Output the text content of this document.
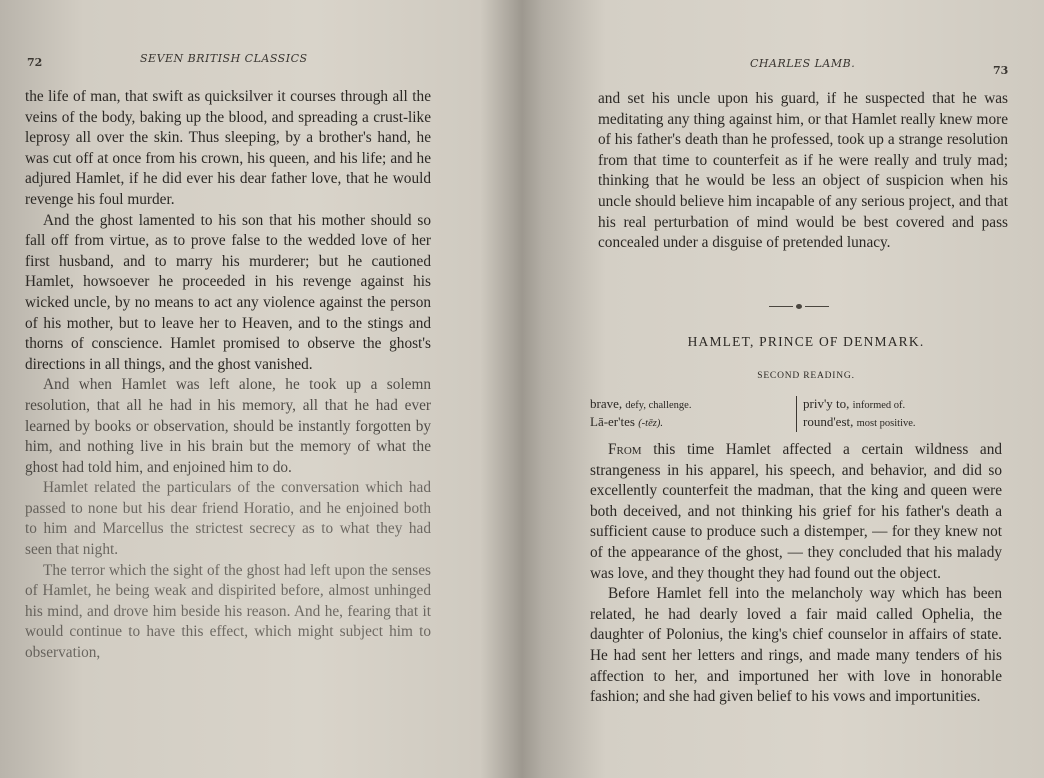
72	SEVEN BRITISH CLASSICS

the life of man, that swift as quicksilver it courses through all the veins of the body, baking up the blood, and spreading a crust-like leprosy all over the skin. Thus sleeping, by a brother's hand, he was cut off at once from his crown, his queen, and his life; and he adjured Hamlet, if he did ever his dear father love, that he would revenge his foul murder.

And the ghost lamented to his son that his mother should so fall off from virtue, as to prove false to the wedded love of her first husband, and to marry his murderer; but he cautioned Hamlet, howsoever he proceeded in his revenge against his wicked uncle, by no means to act any violence against the person of his mother, but to leave her to Heaven, and to the stings and thorns of conscience. Hamlet promised to observe the ghost's directions in all things, and the ghost vanished.

And when Hamlet was left alone, he took up a solemn resolution, that all he had in his memory, all that he had ever learned by books or observation, should be instantly forgotten by him, and nothing live in his brain but the memory of what the ghost had told him, and enjoined him to do.

Hamlet related the particulars of the conversation which had passed to none but his dear friend Horatio, and he enjoined both to him and Marcellus the strictest secrecy as to what they had seen that night.

The terror which the sight of the ghost had left upon the senses of Hamlet, he being weak and dispirited before, almost unhinged his mind, and drove him beside his reason. And he, fearing that it would continue to have this effect, which might subject him to observation,

CHARLES LAMB.
73

and set his uncle upon his guard, if he suspected that he was meditating any thing against him, or that Hamlet really knew more of his father's death than he professed, took up a strange resolution from that time to counterfeit as if he were really and truly mad; thinking that he would be less an object of suspicion when his uncle should believe him incapable of any serious project, and that his real perturbation of mind would be best covered and pass concealed under a disguise of pretended lunacy.

HAMLET, PRINCE OF DENMARK.
SECOND READING.
brave, defy, challenge.
Lā-er'tes (-tēz).
priv'y to, informed of.
round'est, most positive.

From this time Hamlet affected a certain wildness and strangeness in his apparel, his speech, and behavior, and did so excellently counterfeit the madman, that the king and queen were both deceived, and not thinking his grief for his father's death a sufficient cause to produce such a distemper, — for they knew not of the appearance of the ghost, — they concluded that his malady was love, and they thought they had found out the object.

Before Hamlet fell into the melancholy way which has been related, he had dearly loved a fair maid called Ophelia, the daughter of Polonius, the king's chief counselor in affairs of state. He had sent her letters and rings, and made many tenders of his affection to her, and importuned her with love in honorable fashion; and she had given belief to his vows and importunities.
